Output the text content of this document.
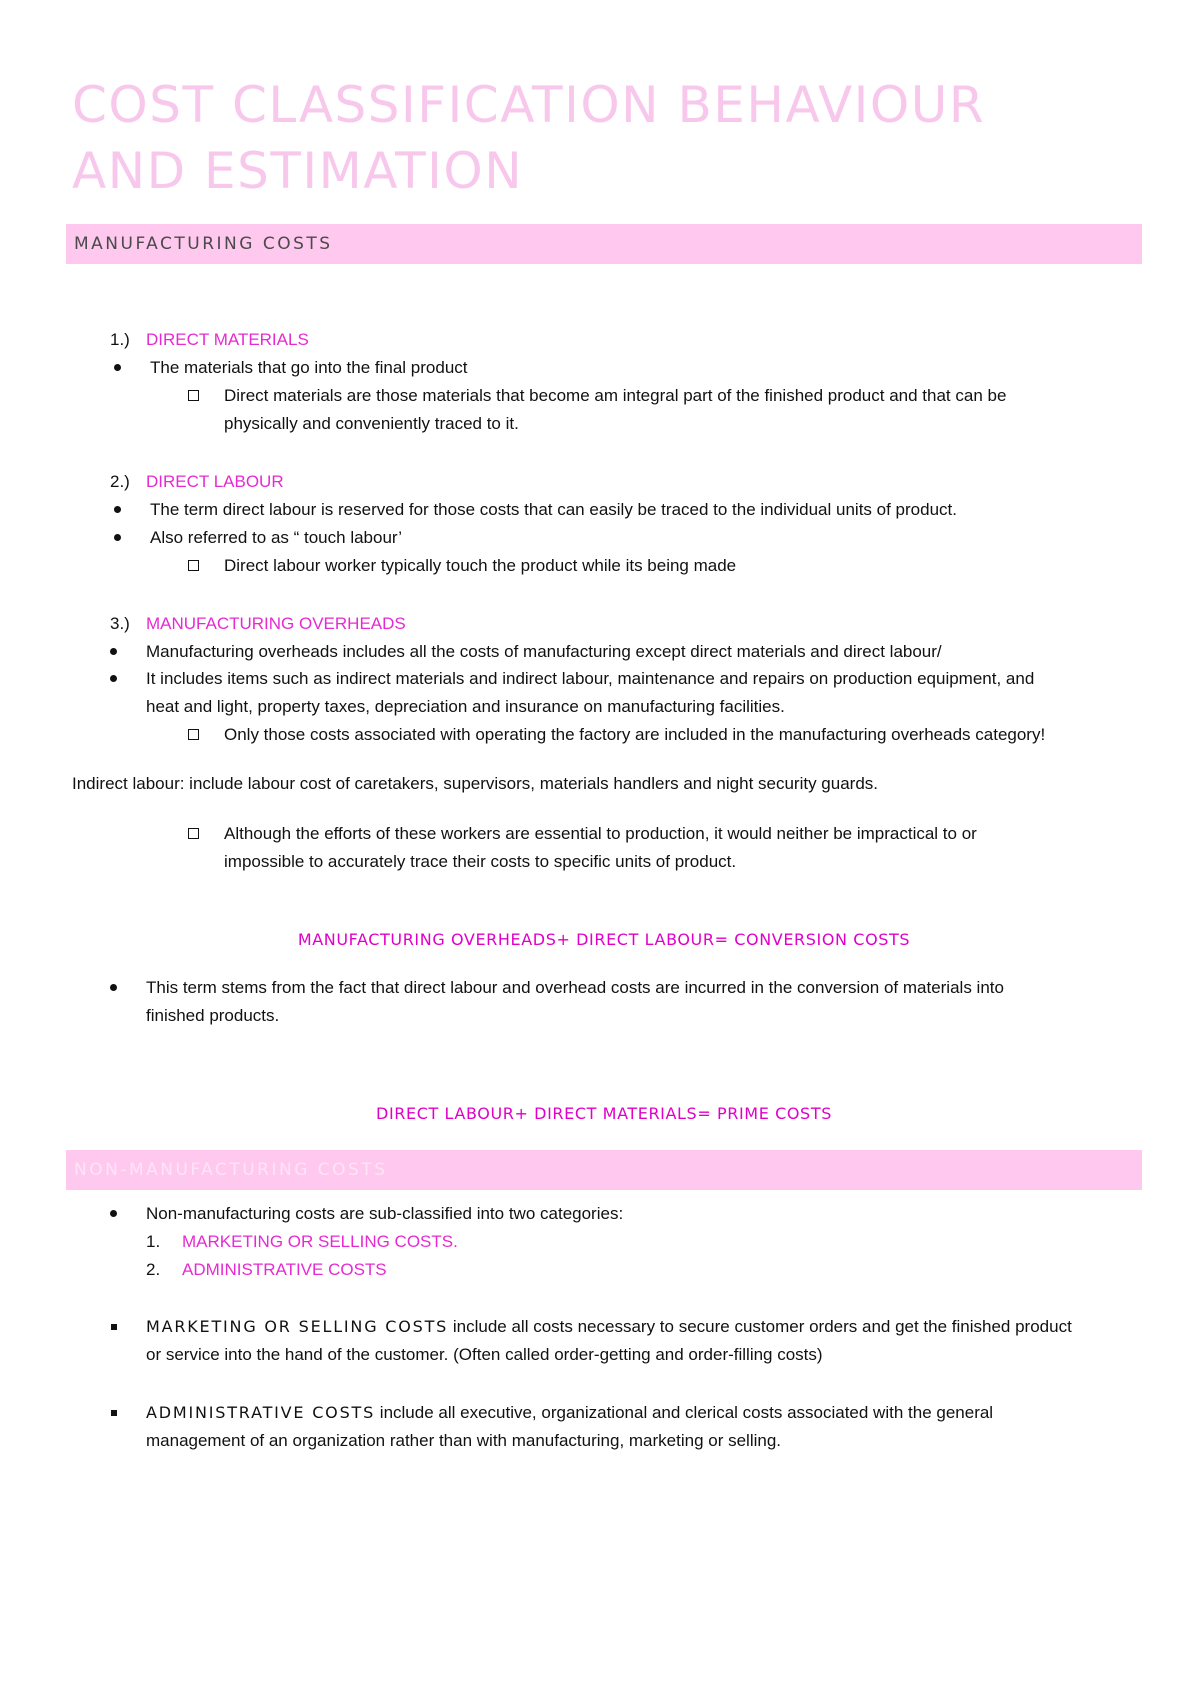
COST CLASSIFICATION BEHAVIOUR
AND ESTIMATION
MANUFACTURING COSTS
1.) DIRECT MATERIALS
The materials that go into the final product
Direct materials are those materials that become am integral part of the finished product and that can be
physically and conveniently traced to it.
2.) DIRECT LABOUR
The term direct labour is reserved for those costs that can easily be traced to the individual units of product.
Also referred to as “ touch labour’
Direct labour worker typically touch the product while its being made
3.) MANUFACTURING OVERHEADS
Manufacturing overheads includes all the costs of manufacturing except direct materials and direct labour/
It includes items such as indirect materials and indirect labour, maintenance and repairs on production equipment, and
heat and light, property taxes, depreciation and insurance on manufacturing facilities.
Only those costs associated with operating the factory are included in the manufacturing overheads category!
Indirect labour: include labour cost of caretakers, supervisors, materials handlers and night security guards.
Although the efforts of these workers are essential to production, it would neither be impractical to or
impossible to accurately trace their costs to specific units of product.
MANUFACTURING OVERHEADS+ DIRECT LABOUR= CONVERSION COSTS
This term stems from the fact that direct labour and overhead costs are incurred in the conversion of materials into
finished products.
DIRECT LABOUR+ DIRECT MATERIALS= PRIME COSTS
NON-MANUFACTURING COSTS
Non-manufacturing costs are sub-classified into two categories:
1. MARKETING OR SELLING COSTS.
2. ADMINISTRATIVE COSTS
MARKETING OR SELLING COSTS include all costs necessary to secure customer orders and get the finished product
or service into the hand of the customer. (Often called order-getting and order-filling costs)
ADMINISTRATIVE COSTS include all executive, organizational and clerical costs associated with the general
management of an organization rather than with manufacturing, marketing or selling.
